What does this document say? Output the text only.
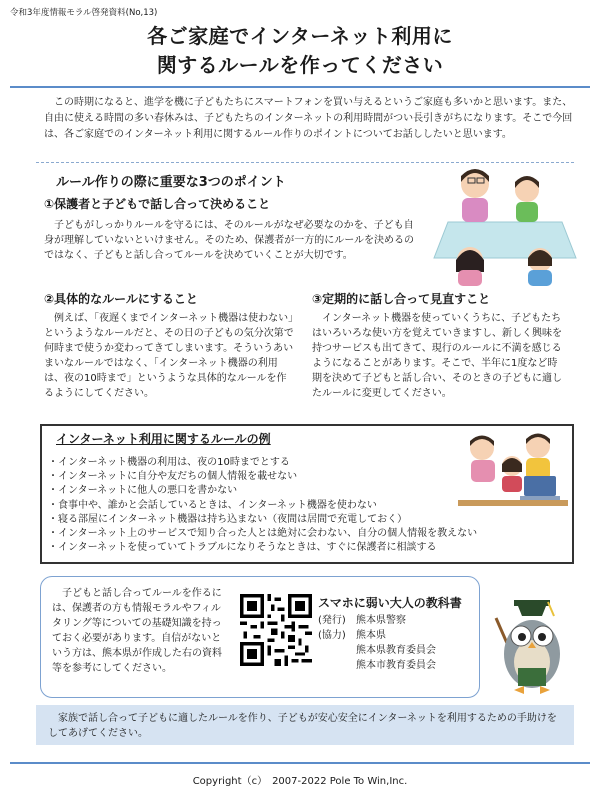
令和3年度情報モラル啓発資料(No,13)
各ご家庭でインターネット利用に
関するルールを作ってください

この時期になると、進学を機に子どもたちにスマートフォンを買い与えるというご家庭も多いかと思います。また、自由に使える時間の多い春休みは、子どもたちのインターネットの利用時間がつい長引きがちになります。そこで今回は、各ご家庭でのインターネット利用に関するルール作りのポイントについてお話ししたいと思います。

ルール作りの際に重要な3つのポイント
①保護者と子どもで話し合って決めること

子どもがしっかりルールを守るには、そのルールがなぜ必要なのかを、子ども自身が理解していないといけません。そのため、保護者が一方的にルールを決めるのではなく、子どもと話し合ってルールを決めていくことが大切です。

②具体的なルールにすること

例えば、「夜遅くまでインターネット機器は使わない」というようなルールだと、その日の子どもの気分次第で何時まで使うか変わってきてしまいます。そういうあいまいなルールではなく、「インターネット機器の利用は、夜の10時まで」というような具体的なルールを作るようにしてください。

③定期的に話し合って見直すこと

インターネット機器を使っていくうちに、子どもたちはいろいろな使い方を覚えていきますし、新しく興味を持つサービスも出てきて、現行のルールに不満を感じるようになることがあります。そこで、半年に1度など時期を決めて子どもと話し合い、そのときの子どもに適したルールに変更してください。

インターネット利用に関するルールの例
・インターネット機器の利用は、夜の10時までとする
・インターネットに自分や友だちの個人情報を載せない
・インターネットに他人の悪口を書かない
・食事中や、誰かと会話しているときは、インターネット機器を使わない
・寝る部屋にインターネット機器は持ち込まない（夜間は居間で充電しておく）
・インターネット上のサービスで知り合った人とは絶対に会わない、自分の個人情報を教えない
・インターネットを使っていてトラブルになりそうなときは、すぐに保護者に相談する

子どもと話し合ってルールを作るには、保護者の方も情報モラルやフィルタリング等についての基礎知識を持っておく必要があります。自信がないという方は、熊本県が作成した右の資料等を参考にしてください。

スマホに弱い大人の教科書
(発行) 熊本県警察
(協力) 熊本県
熊本県教育委員会
熊本市教育委員会

家族で話し合って子どもに適したルールを作り、子どもが安心安全にインターネットを利用するための手助けをしてあげてください。

Copyright（c）　2007-2022 Pole To Win,Inc.
